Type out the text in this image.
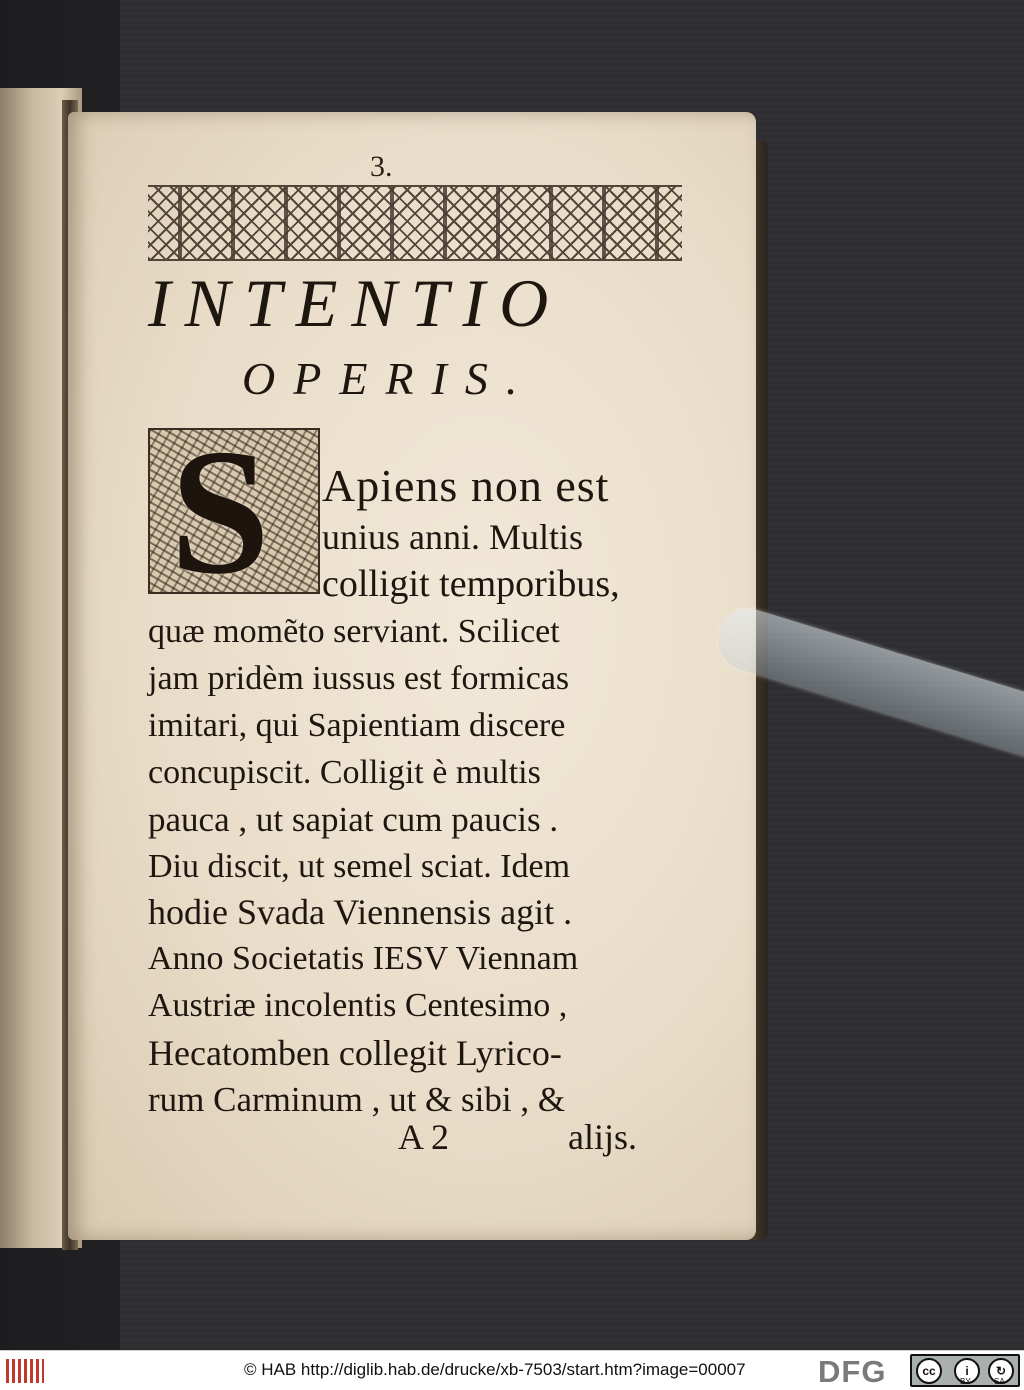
3.
INTENTIO
OPERIS.
S Apiens non est
unius anni. Multis
colligit temporibus,
quæ momẽto serviant. Scilicet
jam pridèm iussus est formicas
imitari, qui Sapientiam discere
concupiscit. Colligit è multis
pauca , ut sapiat cum paucis .
Diu discit, ut semel sciat. Idem
hodie Svada Viennensis agit .
Anno Societatis IESV Viennam
Austriæ incolentis Centesimo ,
Hecatomben collegit Lyrico-
rum Carminum , ut & sibi , &
A 2	alijs.
© HAB http://diglib.hab.de/drucke/xb-7503/start.htm?image=00007 DFG	cc	i	↻
BY	SA
